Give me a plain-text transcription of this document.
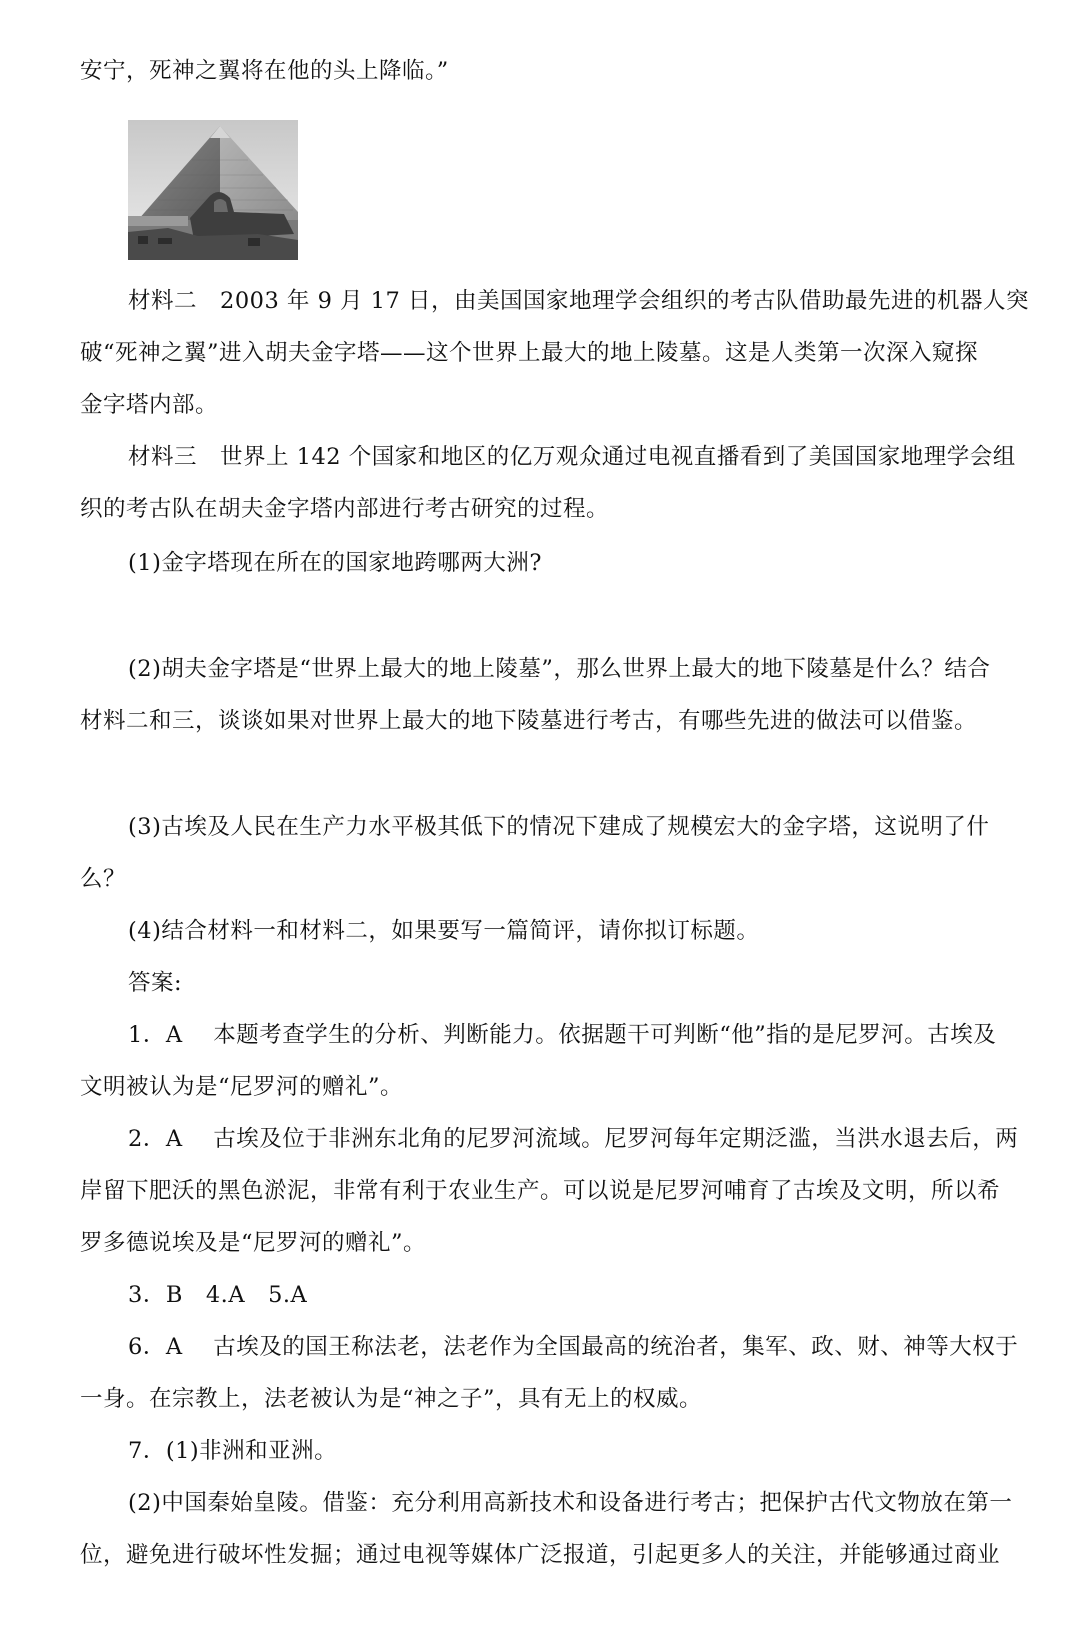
安宁，死神之翼将在他的头上降临。”
材料二　2003 年 9 月 17 日，由美国国家地理学会组织的考古队借助最先进的机器人突
破“死神之翼”进入胡夫金字塔——这个世界上最大的地上陵墓。这是人类第一次深入窥探
金字塔内部。
材料三　世界上 142 个国家和地区的亿万观众通过电视直播看到了美国国家地理学会组
织的考古队在胡夫金字塔内部进行考古研究的过程。
(1)金字塔现在所在的国家地跨哪两大洲?
(2)胡夫金字塔是“世界上最大的地上陵墓”，那么世界上最大的地下陵墓是什么？结合
材料二和三，谈谈如果对世界上最大的地下陵墓进行考古，有哪些先进的做法可以借鉴。
(3)古埃及人民在生产力水平极其低下的情况下建成了规模宏大的金字塔，这说明了什
么？
(4)结合材料一和材料二，如果要写一篇简评，请你拟订标题。
答案:
1．A　 本题考查学生的分析、判断能力。依据题干可判断“他”指的是尼罗河。古埃及
文明被认为是“尼罗河的赠礼”。
2．A　 古埃及位于非洲东北角的尼罗河流域。尼罗河每年定期泛滥，当洪水退去后，两
岸留下肥沃的黑色淤泥，非常有利于农业生产。可以说是尼罗河哺育了古埃及文明，所以希
罗多德说埃及是“尼罗河的赠礼”。
3．B　4.A　5.A
6．A　 古埃及的国王称法老，法老作为全国最高的统治者，集军、政、财、神等大权于
一身。在宗教上，法老被认为是“神之子”，具有无上的权威。
7．(1)非洲和亚洲。
(2)中国秦始皇陵。借鉴：充分利用高新技术和设备进行考古；把保护古代文物放在第一
位，避免进行破坏性发掘；通过电视等媒体广泛报道，引起更多人的关注，并能够通过商业
